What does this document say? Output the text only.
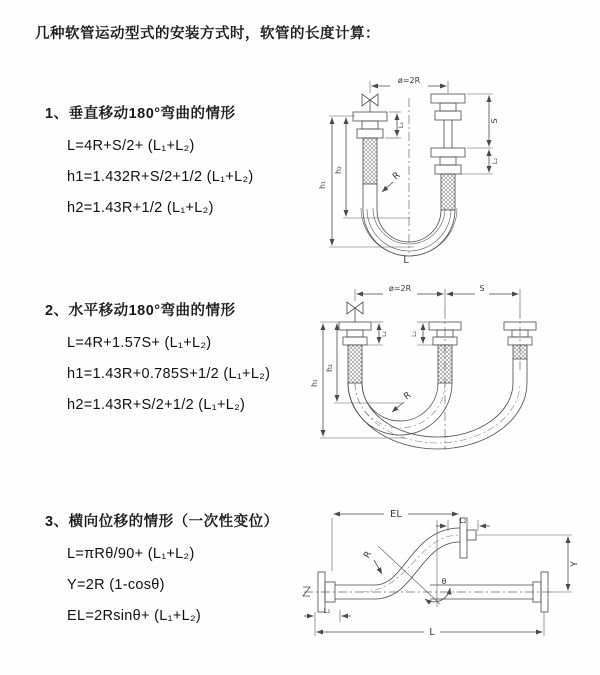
几种软管运动型式的安装方式时，软管的长度计算：
1、垂直移动180°弯曲的情形
L=4R+S/2+ (L₁+L₂)
h1=1.432R+S/2+1/2 (L₁+L₂)
h2=1.43R+1/2 (L₁+L₂)
2、水平移动180°弯曲的情形
L=4R+1.57S+ (L₁+L₂)
h1=1.43R+0.785S+1/2 (L₁+L₂)
h2=1.43R+S/2+1/2 (L₁+L₂)
3、横向位移的情形（一次性变位）
L=πRθ/90+ (L₁+L₂)
Y=2R (1-cosθ)
EL=2Rsinθ+ (L₁+L₂)
ø=2R
h₁
h₂
S
L₂
L₁
R
L
ø=2R	S
h₁
h₂
L₁	L₂
R
θ
EL
L₂
Y
R
L
L₁
